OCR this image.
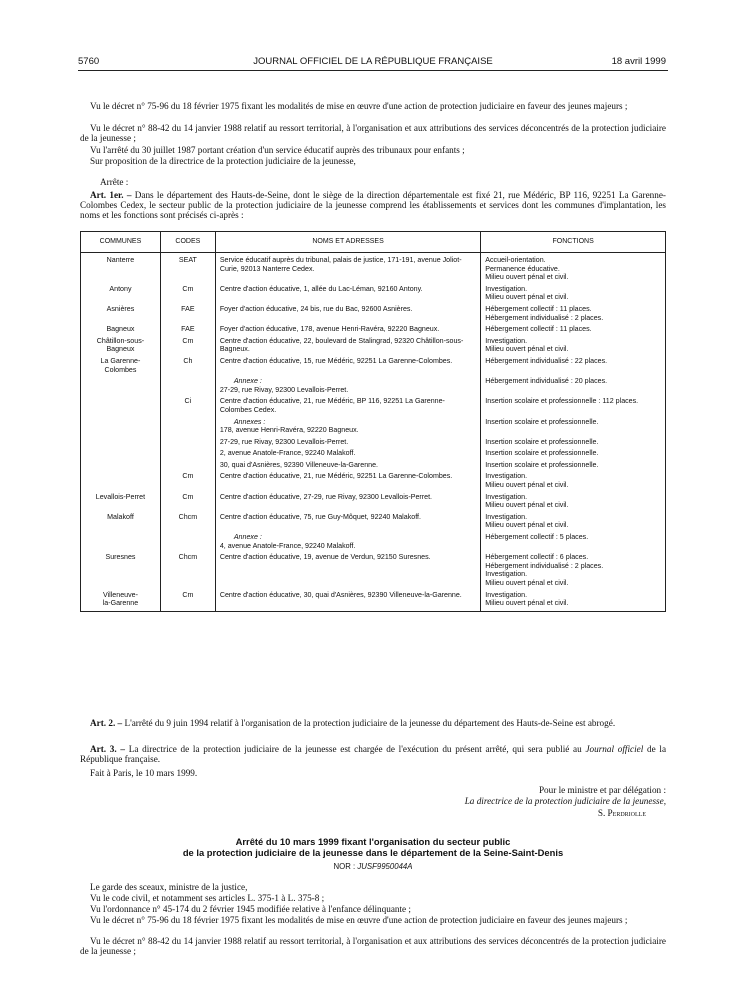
5760	JOURNAL OFFICIEL DE LA RÉPUBLIQUE FRANÇAISE	18 avril 1999
Vu le décret n° 75-96 du 18 février 1975 fixant les modalités de mise en œuvre d'une action de protection judiciaire en faveur des jeunes majeurs ;
Vu le décret n° 88-42 du 14 janvier 1988 relatif au ressort territorial, à l'organisation et aux attributions des services déconcentrés de la protection judiciaire de la jeunesse ;
Vu l'arrêté du 30 juillet 1987 portant création d'un service éducatif auprès des tribunaux pour enfants ;
Sur proposition de la directrice de la protection judiciaire de la jeunesse,
Arrête :
Art. 1er. – Dans le département des Hauts-de-Seine, dont le siège de la direction départementale est fixé 21, rue Médéric, BP 116, 92251 La Garenne-Colombes Cedex, le secteur public de la protection judiciaire de la jeunesse comprend les établissements et services dont les communes d'implantation, les noms et les fonctions sont précisés ci-après :
COMMUNES	CODES	NOMS ET ADRESSES	FONCTIONS
Nanterre	SEAT	Service éducatif auprès du tribunal, palais de justice, 171-191, avenue Joliot-Curie, 92013 Nanterre Cedex.	Accueil-orientation.
Permanence éducative.
Milieu ouvert pénal et civil.

Antony	Cm	Centre d'action éducative, 1, allée du Lac-Léman, 92160 Antony.	Investigation.
Milieu ouvert pénal et civil.

Asnières	FAE	Foyer d'action éducative, 24 bis, rue du Bac, 92600 Asnières.	Hébergement collectif : 11 places.
Hébergement individualisé : 2 places.

Bagneux	FAE	Foyer d'action éducative, 178, avenue Henri-Ravéra, 92220 Bagneux.	Hébergement collectif : 11 places.

Châtillon-sous-
Bagneux	Cm	Centre d'action éducative, 22, boulevard de Stalingrad, 92320 Châtillon-sous-Bagneux.	Investigation.
Milieu ouvert pénal et civil.

La Garenne-
Colombes	Ch	Centre d'action éducative, 15, rue Médéric, 92251 La Garenne-Colombes.	Hébergement individualisé : 22 places.

		Annexe :
27-29, rue Rivay, 92300 Levallois-Perret.	Hébergement individualisé : 20 places.

	Ci	Centre d'action éducative, 21, rue Médéric, BP 116, 92251 La Garenne-Colombes Cedex.	Insertion scolaire et professionnelle : 112 places.

		Annexes :
178, avenue Henri-Ravéra, 92220 Bagneux.	Insertion scolaire et professionnelle.

		27-29, rue Rivay, 92300 Levallois-Perret.	Insertion scolaire et professionnelle.

		2, avenue Anatole-France, 92240 Malakoff.	Insertion scolaire et professionnelle.

		30, quai d'Asnières, 92390 Villeneuve-la-Garenne.	Insertion scolaire et professionnelle.

	Cm	Centre d'action éducative, 21, rue Médéric, 92251 La Garenne-Colombes.	Investigation.
Milieu ouvert pénal et civil.

Levallois-Perret	Cm	Centre d'action éducative, 27-29, rue Rivay, 92300 Levallois-Perret.	Investigation.
Milieu ouvert pénal et civil.

Malakoff	Chcm	Centre d'action éducative, 75, rue Guy-Môquet, 92240 Malakoff.	Investigation.
Milieu ouvert pénal et civil.

		Annexe :
4, avenue Anatole-France, 92240 Malakoff.	Hébergement collectif : 5 places.

Suresnes	Chcm	Centre d'action éducative, 19, avenue de Verdun, 92150 Suresnes.	Hébergement collectif : 6 places.
Hébergement individualisé : 2 places.
Investigation.
Milieu ouvert pénal et civil.

Villeneuve-
la-Garenne	Cm	Centre d'action éducative, 30, quai d'Asnières, 92390 Villeneuve-la-Garenne.	Investigation.
Milieu ouvert pénal et civil.
Art. 2. – L'arrêté du 9 juin 1994 relatif à l'organisation de la protection judiciaire de la jeunesse du département des Hauts-de-Seine est abrogé.
Art. 3. – La directrice de la protection judiciaire de la jeunesse est chargée de l'exécution du présent arrêté, qui sera publié au Journal officiel de la République française.
Fait à Paris, le 10 mars 1999.
Pour le ministre et par délégation :
La directrice de la protection judiciaire de la jeunesse,
S. Perdriolle
Arrêté du 10 mars 1999 fixant l'organisation du secteur public
de la protection judiciaire de la jeunesse dans le département de la Seine-Saint-Denis
NOR : JUSF9950044A
Le garde des sceaux, ministre de la justice,
Vu le code civil, et notamment ses articles L. 375-1 à L. 375-8 ;
Vu l'ordonnance n° 45-174 du 2 février 1945 modifiée relative à l'enfance délinquante ;
Vu le décret n° 75-96 du 18 février 1975 fixant les modalités de mise en œuvre d'une action de protection judiciaire en faveur des jeunes majeurs ;
Vu le décret n° 88-42 du 14 janvier 1988 relatif au ressort territorial, à l'organisation et aux attributions des services déconcentrés de la protection judiciaire de la jeunesse ;
